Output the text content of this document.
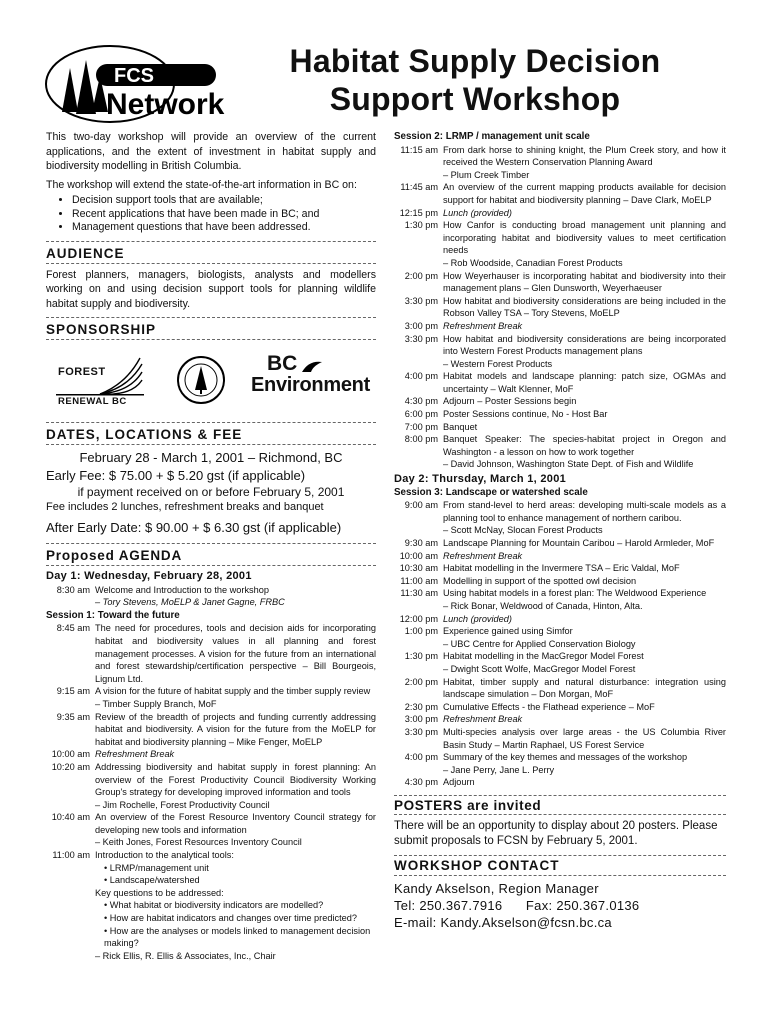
FCS
Network
Habitat Supply Decision
Support Workshop

This two-day workshop will provide an overview of the current applications, and the extent of investment in habitat supply and biodiversity modelling in British Columbia.

The workshop will extend the state-of-the-art information in BC on:

• Decision support tools that are available;
• Recent applications that have been made in BC; and
• Management questions that have been addressed.
AUDIENCE

Forest planners, managers, biologists, analysts and modellers working on and using decision support tools for planning wildlife habitat supply and biodiversity.

SPONSORSHIP
FOREST
RENEWAL BC
BC
Environment
DATES, LOCATIONS & FEE

February 28 - March 1, 2001 – Richmond, BC

Early Fee: $ 75.00 + $ 5.20 gst (if applicable)

if payment received on or before February 5, 2001

Fee includes 2 lunches, refreshment breaks and banquet

After Early Date: $ 90.00 + $ 6.30 gst (if applicable)

Proposed AGENDA
Day 1: Wednesday, February 28, 2001
8:30 am Welcome and Introduction to the workshop
– Tory Stevens, MoELP & Janet Gagne, FRBC
Session 1: Toward the future
8:45 am The need for procedures, tools and decision aids for incorporating habitat and biodiversity values in all planning and forest management processes. A vision for the future from an international and forest stewardship/certification perspective – Bill Bourgeois, Lignum Ltd.
9:15 am A vision for the future of habitat supply and the timber supply review
– Timber Supply Branch, MoF
9:35 am Review of the breadth of projects and funding currently addressing habitat and biodiversity. A vision for the future from the MoELP for habitat and biodiversity planning – Mike Fenger, MoELP
10:00 am Refreshment Break
10:20 am Addressing biodiversity and habitat supply in forest planning: An overview of the Forest Productivity Council Biodiversity Working Group's strategy for developing improved information and tools
– Jim Rochelle, Forest Productivity Council
10:40 am An overview of the Forest Resource Inventory Council strategy for developing new tools and information
– Keith Jones, Forest Resources Inventory Council
11:00 am Introduction to the analytical tools:
• LRMP/management unit
• Landscape/watershed
Key questions to be addressed:
• What habitat or biodiversity indicators are modelled?
• How are habitat indicators and changes over time predicted?
• How are the analyses or models linked to management decision making?
– Rick Ellis, R. Ellis & Associates, Inc., Chair
Session 2: LRMP / management unit scale
11:15 am From dark horse to shining knight, the Plum Creek story, and how it received the Western Conservation Planning Award
– Plum Creek Timber
11:45 am An overview of the current mapping products available for decision support for habitat and biodiversity planning – Dave Clark, MoELP
12:15 pm Lunch (provided)
1:30 pm How Canfor is conducting broad management unit planning and incorporating habitat and biodiversity values to meet certification needs
– Rob Woodside, Canadian Forest Products
2:00 pm How Weyerhauser is incorporating habitat and biodiversity into their management plans – Glen Dunsworth, Weyerhaeuser
3:30 pm How habitat and biodiversity considerations are being included in the Robson Valley TSA – Tory Stevens, MoELP
3:00 pm Refreshment Break
3:30 pm How habitat and biodiversity considerations are being incorporated into Western Forest Products management plans
– Western Forest Products
4:00 pm Habitat models and landscape planning: patch size, OGMAs and uncertainty – Walt Klenner, MoF
4:30 pm Adjourn – Poster Sessions begin
6:00 pm Poster Sessions continue, No - Host Bar
7:00 pm Banquet
8:00 pm Banquet Speaker: The species-habitat project in Oregon and Washington - a lesson on how to work together
– David Johnson, Washington State Dept. of Fish and Wildlife
Day 2: Thursday, March 1, 2001
Session 3: Landscape or watershed scale
9:00 am From stand-level to herd areas: developing multi-scale models as a planning tool to enhance management of northern caribou.
– Scott McNay, Slocan Forest Products
9:30 am Landscape Planning for Mountain Caribou – Harold Armleder, MoF
10:00 am Refreshment Break
10:30 am Habitat modelling in the Invermere TSA – Eric Valdal, MoF
11:00 am Modelling in support of the spotted owl decision
11:30 am Using habitat models in a forest plan: The Weldwood Experience
– Rick Bonar, Weldwood of Canada, Hinton, Alta.
12:00 pm Lunch (provided)
1:00 pm Experience gained using Simfor
– UBC Centre for Applied Conservation Biology
1:30 pm Habitat modelling in the MacGregor Model Forest
– Dwight Scott Wolfe, MacGregor Model Forest
2:00 pm Habitat, timber supply and natural disturbance: integration using landscape simulation – Don Morgan, MoF
2:30 pm Cumulative Effects - the Flathead experience – MoF
3:00 pm Refreshment Break
3:30 pm Multi-species analysis over large areas - the US Columbia River Basin Study – Martin Raphael, US Forest Service
4:00 pm Summary of the key themes and messages of the workshop
– Jane Perry, Jane L. Perry
4:30 pm Adjourn
POSTERS are invited

There will be an opportunity to display about 20 posters. Please submit proposals to FCSN by February 5, 2001.

WORKSHOP CONTACT

Kandy Akselson, Region Manager

Tel: 250.367.7916      Fax: 250.367.0136

E-mail: Kandy.Akselson@fcsn.bc.ca
